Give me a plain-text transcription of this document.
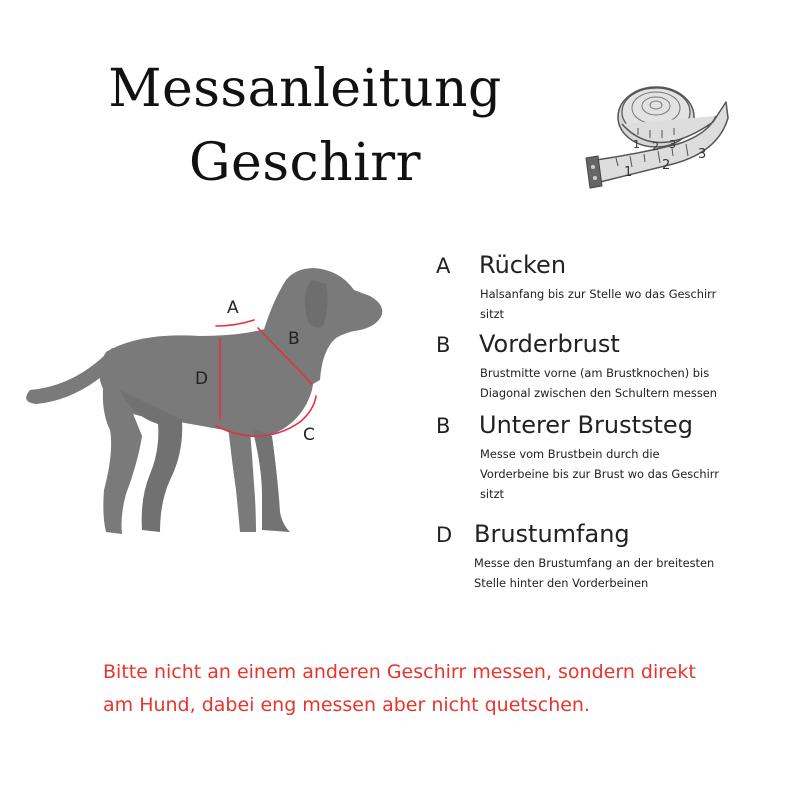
Messanleitung
Geschirr	1 2
3
1 2 3
A
B
C
D
A Rücken
Halsanfang bis zur Stelle wo das Geschirr
sitzt
B Vorderbrust
Brustmitte vorne (am Brustknochen) bis
Diagonal zwischen den Schultern messen
B Unterer Bruststeg
Messe vom Brustbein durch die
Vorderbeine bis zur Brust wo das Geschirr
sitzt
D Brustumfang
Messe den Brustumfang an der breitesten
Stelle hinter den Vorderbeinen
Bitte nicht an einem anderen Geschirr messen, sondern direkt
am Hund, dabei eng messen aber nicht quetschen.
